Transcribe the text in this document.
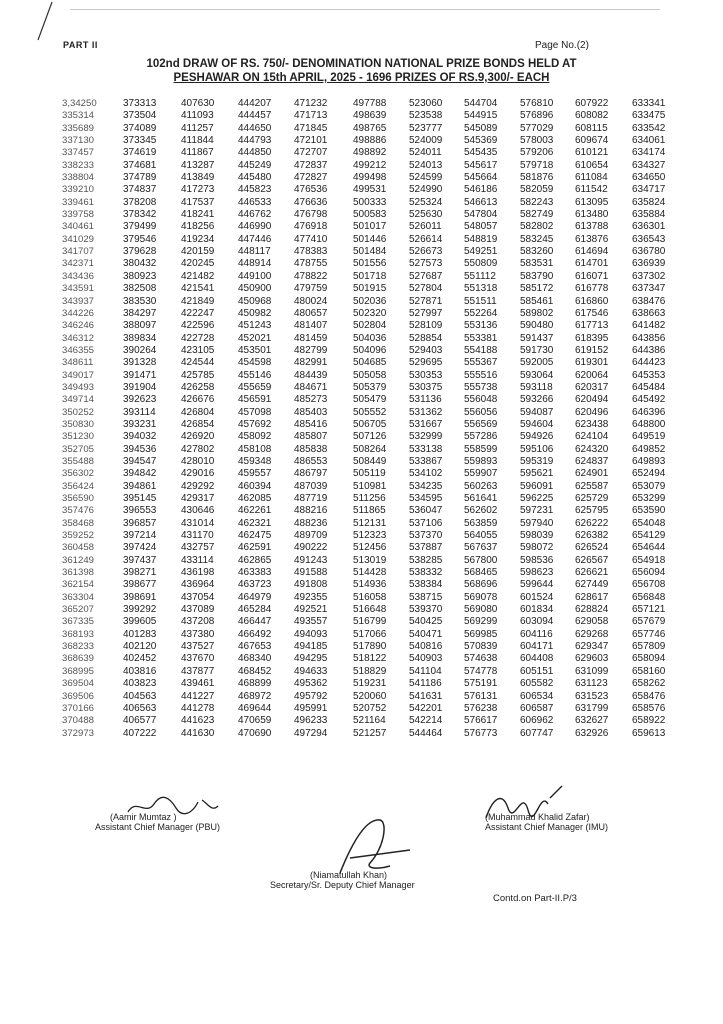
PART II	Page No.(2)
102nd DRAW OF RS. 750/- DENOMINATION NATIONAL PRIZE BONDS HELD AT
PESHAWAR ON 15th APRIL, 2025 - 1696 PRIZES OF RS.9,300/- EACH
3,34250
335314
335689
337130
337457
338233
338804
339210
339461
339758
340461
341029
341707
342371
343436
343591
343937
344226
346246
346312
346355
348611
349017
349493
349714
350252
350830
351230
352705
355488
356302
356424
356590
357476
358468
359252
360458
361249
361398
362154
363304
365207
367335
368193
368233
368639
368995
369504
369506
370166
370488
372973
373313
373504
374089
373345
374619
374681
374789
374837
378208
378342
379499
379546
379628
380432
380923
382508
383530
384297
388097
389834
390264
391328
391471
391904
392623
393114
393231
394032
394536
394547
394842
394861
395145
396553
396857
397214
397424
397437
398271
398677
398691
399292
399605
401283
402120
402452
403816
403823
404563
406563
406577
407222
407630
411093
411257
411844
411867
413287
413849
417273
417537
418241
418256
419234
420159
420245
421482
421541
421849
422247
422596
422728
423105
424544
425785
426258
426676
426804
426854
426920
427802
428010
429016
429292
429317
430646
431014
431170
432757
433114
436198
436964
437054
437089
437208
437380
437527
437670
437877
439461
441227
441278
441623
441630
444207
444457
444650
444793
444850
445249
445480
445823
446533
446762
446990
447446
448117
448914
449100
450900
450968
450982
451243
452021
453501
454598
455146
455659
456591
457098
457692
458092
458108
459348
459557
460394
462085
462261
462321
462475
462591
462865
463383
463723
464979
465284
466447
466492
467653
468340
468452
468899
468972
469644
470659
470690
471232
471713
471845
472101
472707
472837
472827
476536
476636
476798
476918
477410
478383
478755
478822
479759
480024
480657
481407
481459
482799
482991
484439
484671
485273
485403
485416
485807
485838
486553
486797
487039
487719
488216
488236
489709
490222
491243
491588
491808
492355
492521
493557
494093
494185
494295
494633
495362
495792
495991
496233
497294
497788
498639
498765
498886
498892
499212
499498
499531
500333
500583
501017
501446
501484
501556
501718
501915
502036
502320
502804
504036
504096
504685
505058
505379
505479
505552
506705
507126
508264
508449
505119
510981
511256
511865
512131
512323
512456
513019
514428
514936
516058
516648
516799
517066
517890
518122
518829
519231
520060
520752
521164
521257
523060
523538
523777
524009
524011
524013
524599
524990
525324
525630
526011
526614
526673
527573
527687
527804
527871
527997
528109
528854
529403
529695
530353
530375
531136
531362
531667
532999
533138
533867
534102
534235
534595
536047
537106
537370
537887
538285
538332
538384
538715
539370
540425
540471
540816
540903
541104
541186
541631
542201
542214
544464
544704
544915
545089
545369
545435
545617
545664
546186
546613
547804
548057
548819
549251
550809
551112
551318
551511
552264
553136
553381
554188
555367
555516
555738
556048
556056
556569
557286
558599
559893
559907
560263
561641
562602
563859
564055
567637
567800
568465
568696
569078
569080
569299
569985
570839
574638
574778
575191
576131
576238
576617
576773
576810
576896
577029
578003
579206
579718
581876
582059
582243
582749
582802
583245
583260
583531
583790
585172
585461
589802
590480
591437
591730
592005
593064
593118
593266
594087
594604
594926
595106
595319
595621
596091
596225
597231
597940
598039
598072
598536
598623
599644
601524
601834
603094
604116
604171
604408
605151
605582
606534
606587
606962
607747
607922
608082
608115
609674
610121
610654
611084
611542
613095
613480
613788
613876
614694
614701
616071
616778
616860
617546
617713
618395
619152
619301
620064
620317
620494
620496
623438
624104
624320
624837
624901
625587
625729
625795
626222
626382
626524
626567
626621
627449
628617
628824
629058
629268
629347
629603
631099
631123
631523
631799
632627
632926
633341
633475
633542
634061
634174
634327
634650
634717
635824
635884
636301
636543
636780
636939
637302
637347
638476
638663
641482
643856
644386
644423
645353
645484
645492
646396
648800
649519
649852
649893
652494
653079
653299
653590
654048
654129
654644
654918
656094
656708
656848
657121
657679
657746
657809
658094
658160
658262
658476
658576
658922
659613
(Aamir Mumtaz )
Assistant Chief Manager (PBU)
(Muhammad Khalid Zafar)
Assistant Chief Manager (IMU)
(Niamatullah Khan)
Secretary/Sr. Deputy Chief Manager
Contd.on Part-II.P/3
